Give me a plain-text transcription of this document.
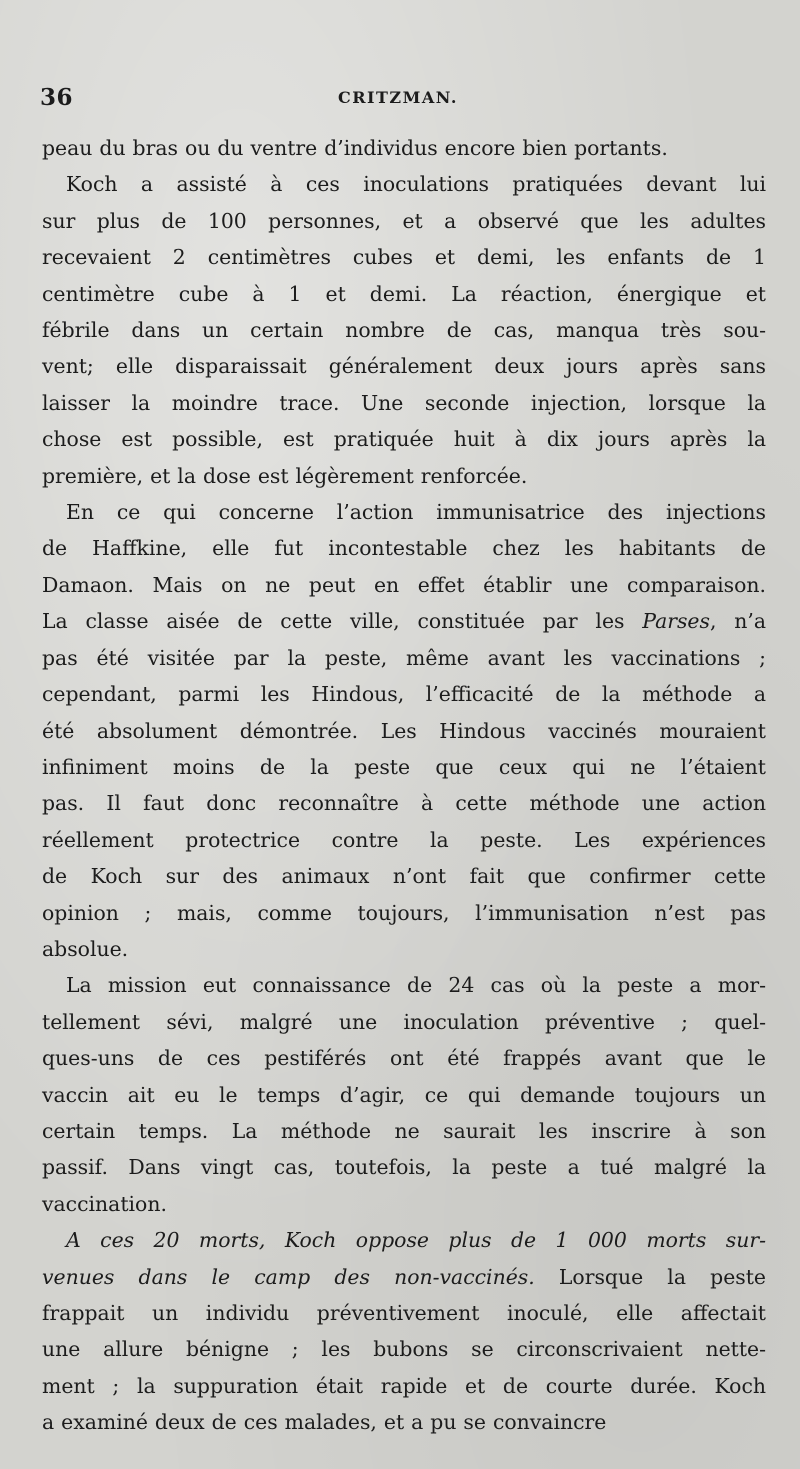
36	CRITZMAN.

peau du bras ou du ventre d’individus encore bien portants.

Koch a assisté à ces inoculations pratiquées devant lui
sur plus de 100 personnes, et a observé que les adultes
recevaient 2 centimètres cubes et demi, les enfants de 1
centimètre cube à 1 et demi. La réaction, énergique et
fébrile dans un certain nombre de cas, manqua très sou-
vent; elle disparaissait généralement deux jours après sans
laisser la moindre trace. Une seconde injection, lorsque la
chose est possible, est pratiquée huit à dix jours après la
première, et la dose est légèrement renforcée.

En ce qui concerne l’action immunisatrice des injections
de Haffkine, elle fut incontestable chez les habitants de
Damaon. Mais on ne peut en effet établir une comparaison.
La classe aisée de cette ville, constituée par les Parses, n’a
pas été visitée par la peste, même avant les vaccinations ;
cependant, parmi les Hindous, l’efficacité de la méthode a
été absolument démontrée. Les Hindous vaccinés mouraient
infiniment moins de la peste que ceux qui ne l’étaient
pas. Il faut donc reconnaître à cette méthode une action
réellement protectrice contre la peste. Les expériences
de Koch sur des animaux n’ont fait que confirmer cette
opinion ; mais, comme toujours, l’immunisation n’est pas
absolue.

La mission eut connaissance de 24 cas où la peste a mor-
tellement sévi, malgré une inoculation préventive ; quel-
ques-uns de ces pestiférés ont été frappés avant que le
vaccin ait eu le temps d’agir, ce qui demande toujours un
certain temps. La méthode ne saurait les inscrire à son
passif. Dans vingt cas, toutefois, la peste a tué malgré la
vaccination.

A ces 20 morts, Koch oppose plus de 1 000 morts sur-
venues dans le camp des non-vaccinés. Lorsque la peste
frappait un individu préventivement inoculé, elle affectait
une allure bénigne ; les bubons se circonscrivaient nette-
ment ; la suppuration était rapide et de courte durée. Koch
a examiné deux de ces malades, et a pu se convaincre
